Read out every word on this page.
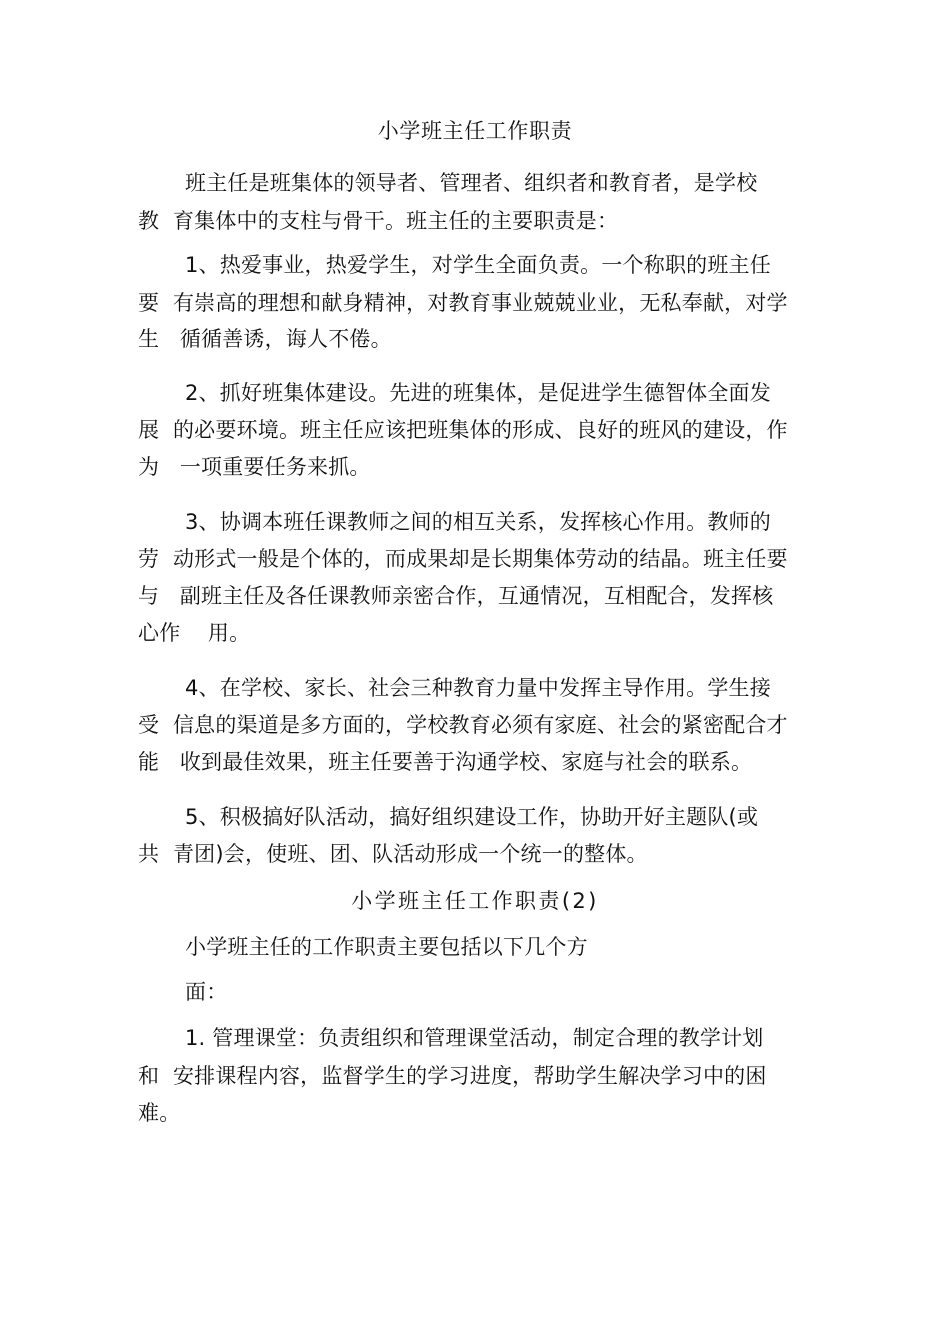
小学班主任工作职责
班主任是班集体的领导者、管理者、组织者和教育者，是学校
教  育集体中的支柱与骨干。班主任的主要职责是：
1、热爱事业，热爱学生，对学生全面负责。一个称职的班主任
要  有崇高的理想和献身精神，对教育事业兢兢业业，无私奉献，对学
生   循循善诱，诲人不倦。
2、抓好班集体建设。先进的班集体，是促进学生德智体全面发
展  的必要环境。班主任应该把班集体的形成、良好的班风的建设，作
为   一项重要任务来抓。
3、协调本班任课教师之间的相互关系，发挥核心作用。教师的
劳  动形式一般是个体的，而成果却是长期集体劳动的结晶。班主任要
与   副班主任及各任课教师亲密合作，互通情况，互相配合，发挥核
心作    用。
4、在学校、家长、社会三种教育力量中发挥主导作用。学生接
受  信息的渠道是多方面的，学校教育必须有家庭、社会的紧密配合才
能   收到最佳效果，班主任要善于沟通学校、家庭与社会的联系。
5、积极搞好队活动，搞好组织建设工作，协助开好主题队(或
共  青团)会，使班、团、队活动形成一个统一的整体。
小学班主任工作职责(2)
小学班主任的工作职责主要包括以下几个方
面：
1. 管理课堂：负责组织和管理课堂活动，制定合理的教学计划
和  安排课程内容，监督学生的学习进度，帮助学生解决学习中的困
难。
